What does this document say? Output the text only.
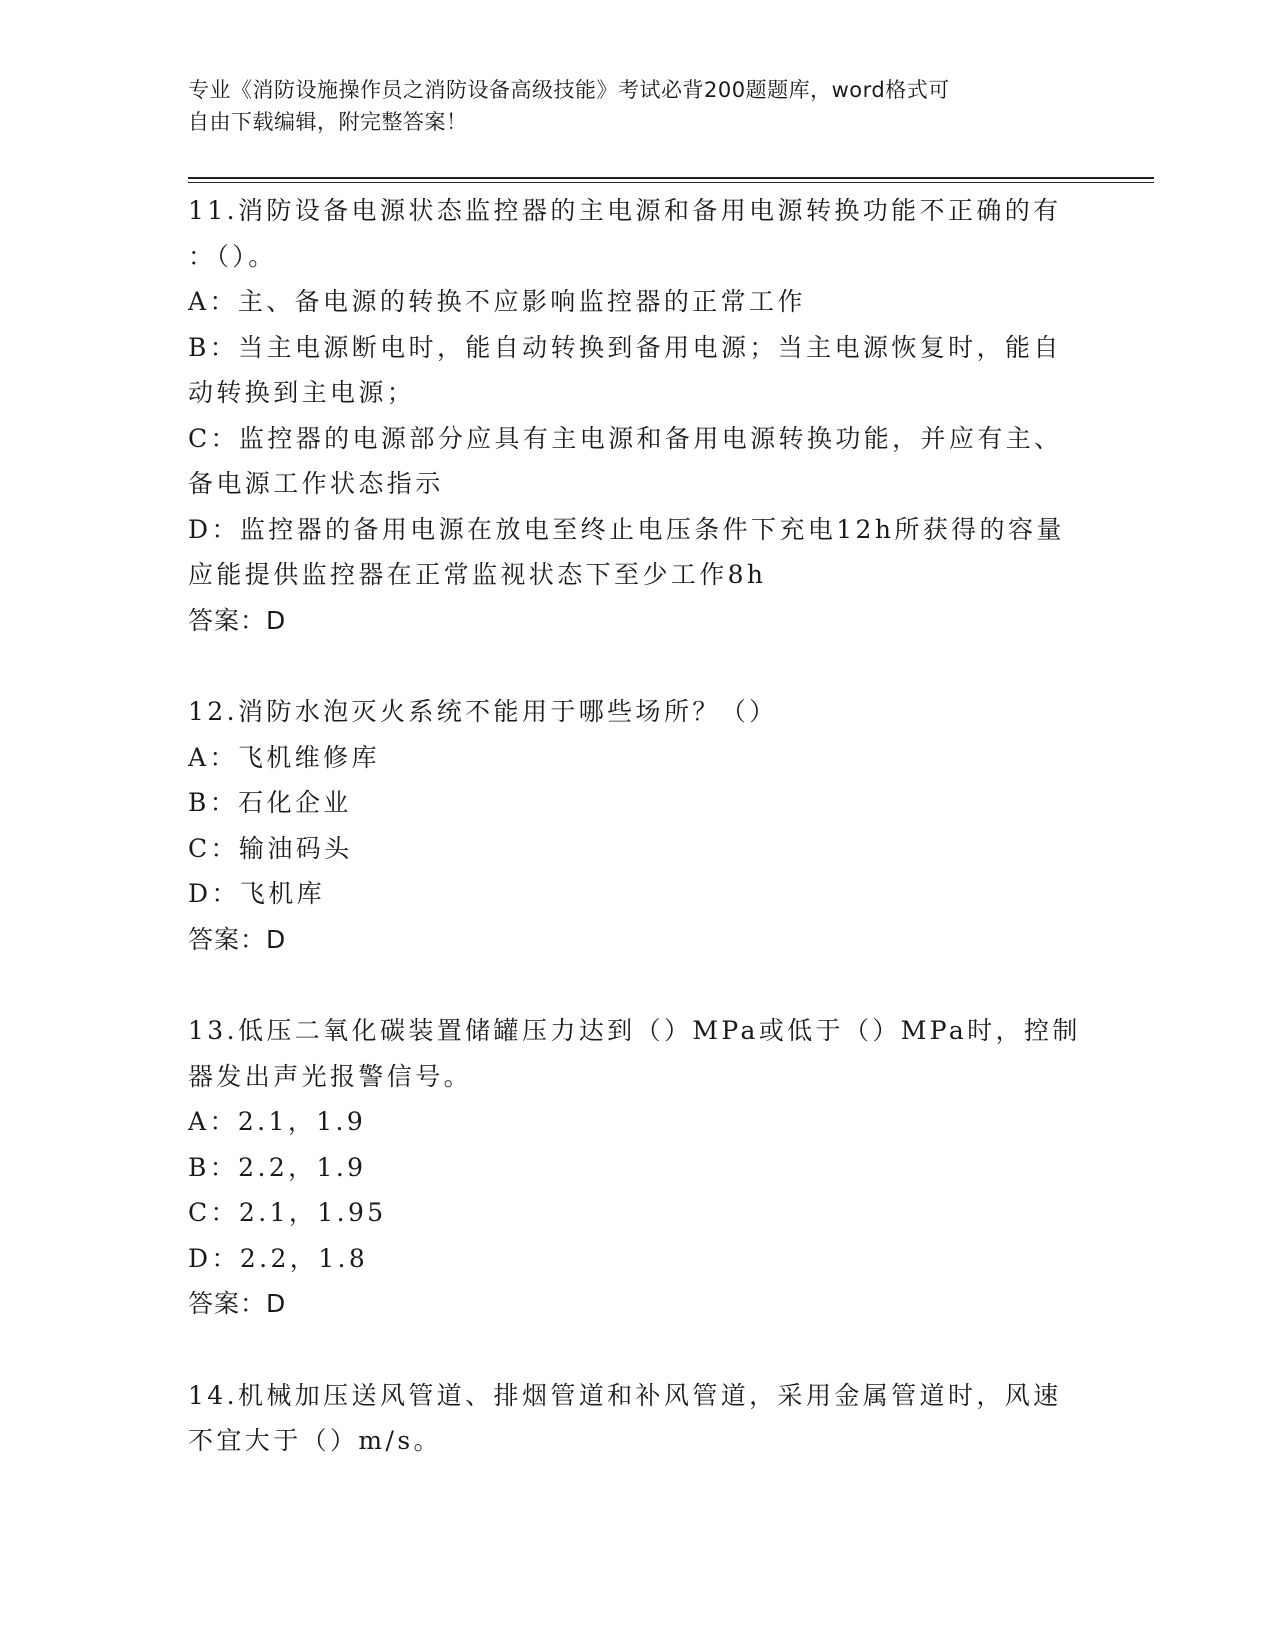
专业《消防设施操作员之消防设备高级技能》考试必背200题题库，word格式可
自由下载编辑，附完整答案！
11.消防设备电源状态监控器的主电源和备用电源转换功能不正确的有
：（）。
A：主、备电源的转换不应影响监控器的正常工作
B：当主电源断电时，能自动转换到备用电源；当主电源恢复时，能自
动转换到主电源；
C：监控器的电源部分应具有主电源和备用电源转换功能，并应有主、
备电源工作状态指示
D：监控器的备用电源在放电至终止电压条件下充电12h所获得的容量
应能提供监控器在正常监视状态下至少工作8h
答案：D
12.消防水泡灭火系统不能用于哪些场所？（）
A：飞机维修库
B：石化企业
C：输油码头
D：飞机库
答案：D
13.低压二氧化碳装置储罐压力达到（）MPa或低于（）MPa时，控制
器发出声光报警信号。
A：2.1，1.9
B：2.2，1.9
C：2.1，1.95
D：2.2，1.8
答案：D
14.机械加压送风管道、排烟管道和补风管道，采用金属管道时，风速
不宜大于（）m/s。
